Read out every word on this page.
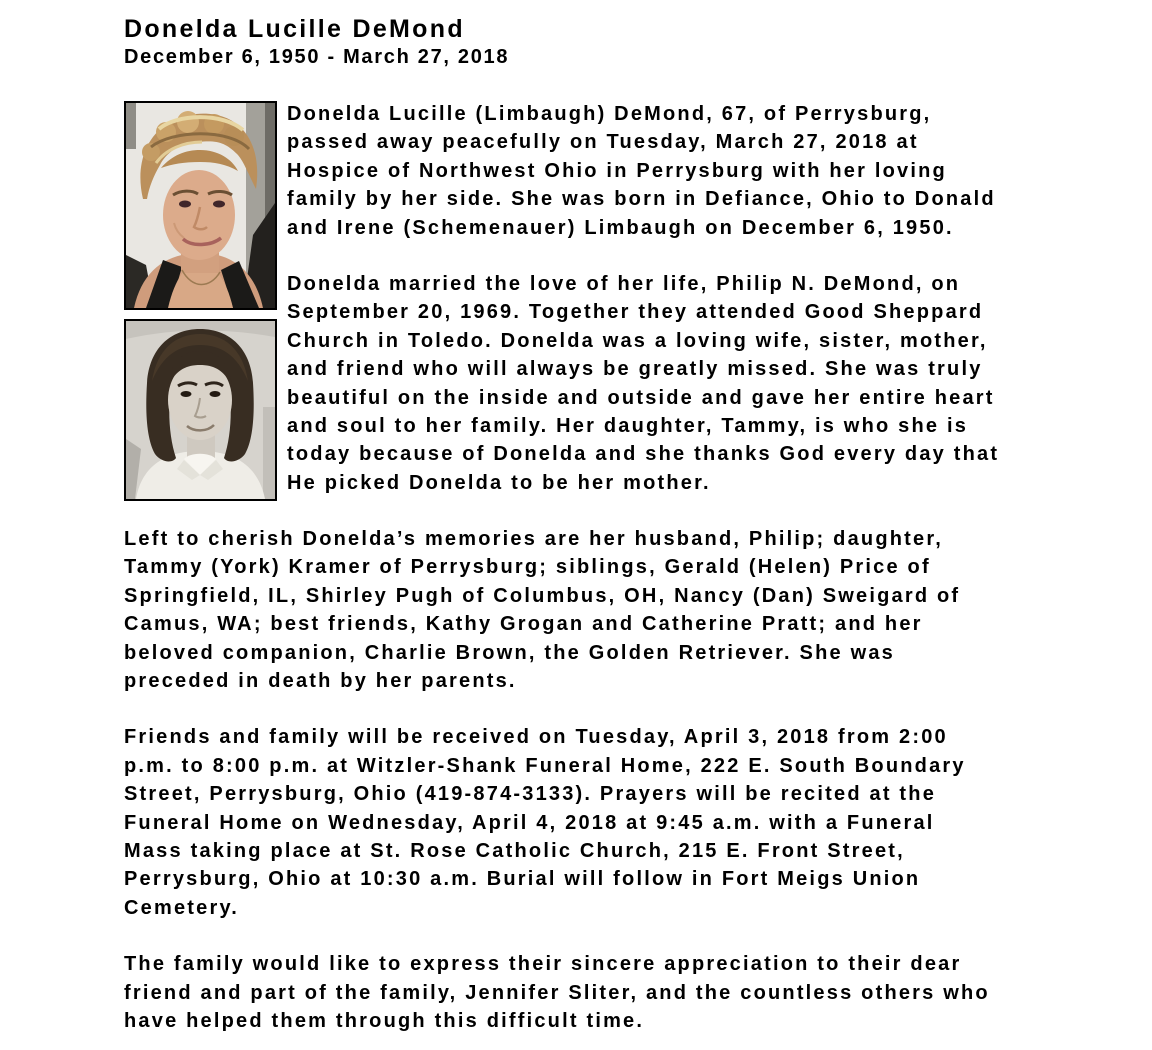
Donelda Lucille DeMond
December 6, 1950 - March 27, 2018

Donelda Lucille (Limbaugh) DeMond, 67, of Perrysburg,
passed away peacefully on Tuesday, March 27, 2018 at
Hospice of Northwest Ohio in Perrysburg with her loving
family by her side. She was born in Defiance, Ohio to Donald
and Irene (Schemenauer) Limbaugh on December 6, 1950.

Donelda married the love of her life, Philip N. DeMond, on
September 20, 1969. Together they attended Good Sheppard
Church in Toledo. Donelda was a loving wife, sister, mother,
and friend who will always be greatly missed. She was truly
beautiful on the inside and outside and gave her entire heart
and soul to her family. Her daughter, Tammy, is who she is
today because of Donelda and she thanks God every day that
He picked Donelda to be her mother.

Left to cherish Donelda’s memories are her husband, Philip; daughter,
Tammy (York) Kramer of Perrysburg; siblings, Gerald (Helen) Price of
Springfield, IL, Shirley Pugh of Columbus, OH, Nancy (Dan) Sweigard of
Camus, WA; best friends, Kathy Grogan and Catherine Pratt; and her
beloved companion, Charlie Brown, the Golden Retriever. She was
preceded in death by her parents.

Friends and family will be received on Tuesday, April 3, 2018 from 2:00
p.m. to 8:00 p.m. at Witzler-Shank Funeral Home, 222 E. South Boundary
Street, Perrysburg, Ohio (419-874-3133). Prayers will be recited at the
Funeral Home on Wednesday, April 4, 2018 at 9:45 a.m. with a Funeral
Mass taking place at St. Rose Catholic Church, 215 E. Front Street,
Perrysburg, Ohio at 10:30 a.m. Burial will follow in Fort Meigs Union
Cemetery.

The family would like to express their sincere appreciation to their dear
friend and part of the family, Jennifer Sliter, and the countless others who
have helped them through this difficult time.
